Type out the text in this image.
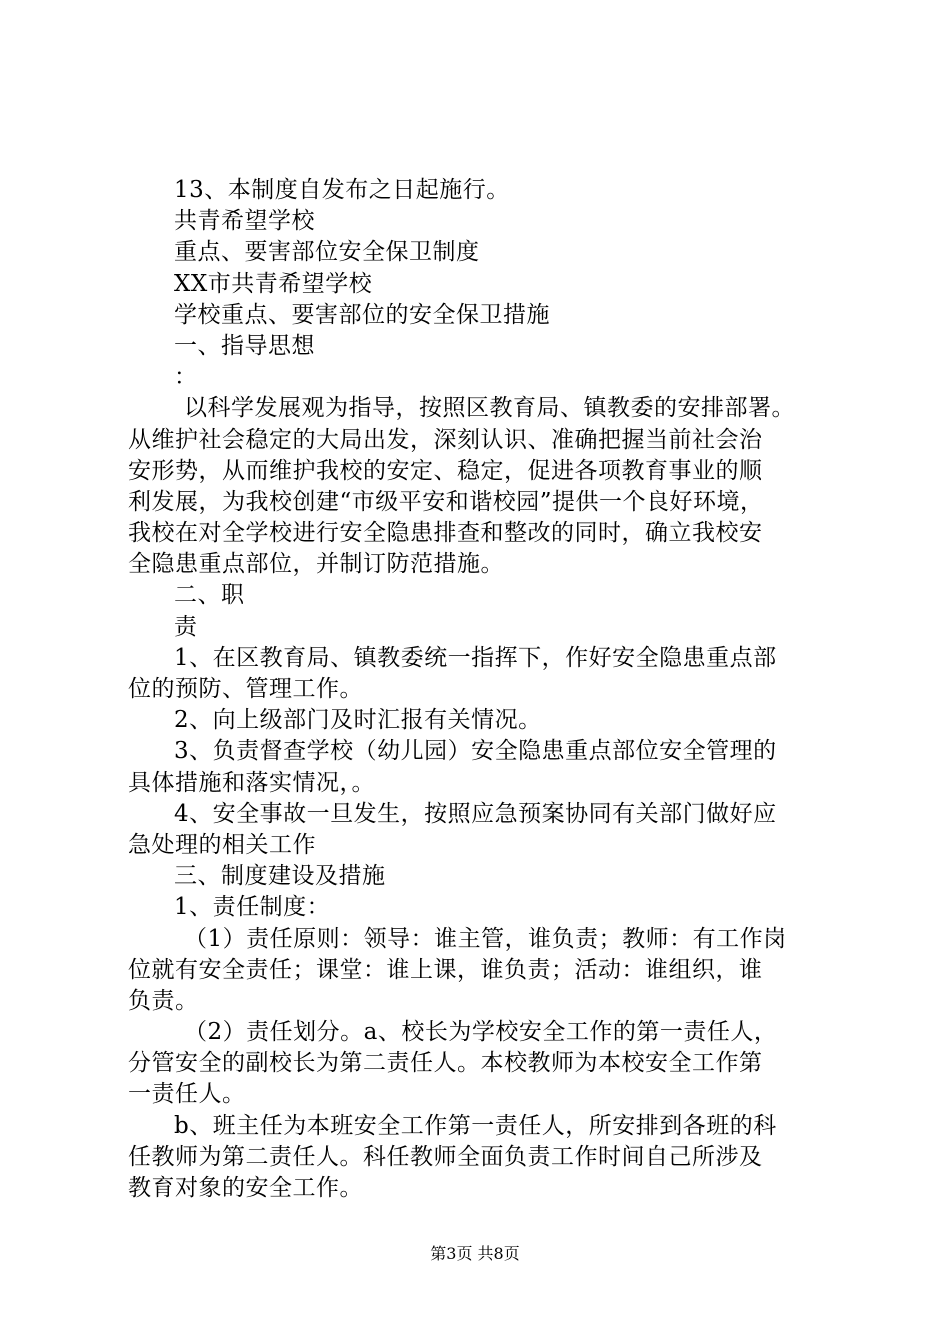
13、本制度自发布之日起施行。
共青希望学校
重点、要害部位安全保卫制度
XX市共青希望学校
学校重点、要害部位的安全保卫措施
一、指导思想
：
以科学发展观为指导，按照区教育局、镇教委的安排部署。
从维护社会稳定的大局出发，深刻认识、准确把握当前社会治
安形势，从而维护我校的安定、稳定，促进各项教育事业的顺
利发展，为我校创建“市级平安和谐校园”提供一个良好环境，
我校在对全学校进行安全隐患排查和整改的同时，确立我校安
全隐患重点部位，并制订防范措施。
二、职
责
1、在区教育局、镇教委统一指挥下，作好安全隐患重点部
位的预防、管理工作。
2、向上级部门及时汇报有关情况。
3、负责督查学校（幼儿园）安全隐患重点部位安全管理的
具体措施和落实情况，。
4、安全事故一旦发生，按照应急预案协同有关部门做好应
急处理的相关工作
三、制度建设及措施
1、责任制度：
（1）责任原则：领导：谁主管，谁负责；教师：有工作岗
位就有安全责任；课堂：谁上课，谁负责；活动：谁组织，谁
负责。
（2）责任划分。a、校长为学校安全工作的第一责任人，
分管安全的副校长为第二责任人。本校教师为本校安全工作第
一责任人。
b、班主任为本班安全工作第一责任人，所安排到各班的科
任教师为第二责任人。科任教师全面负责工作时间自己所涉及
教育对象的安全工作。
第3页 共8页
